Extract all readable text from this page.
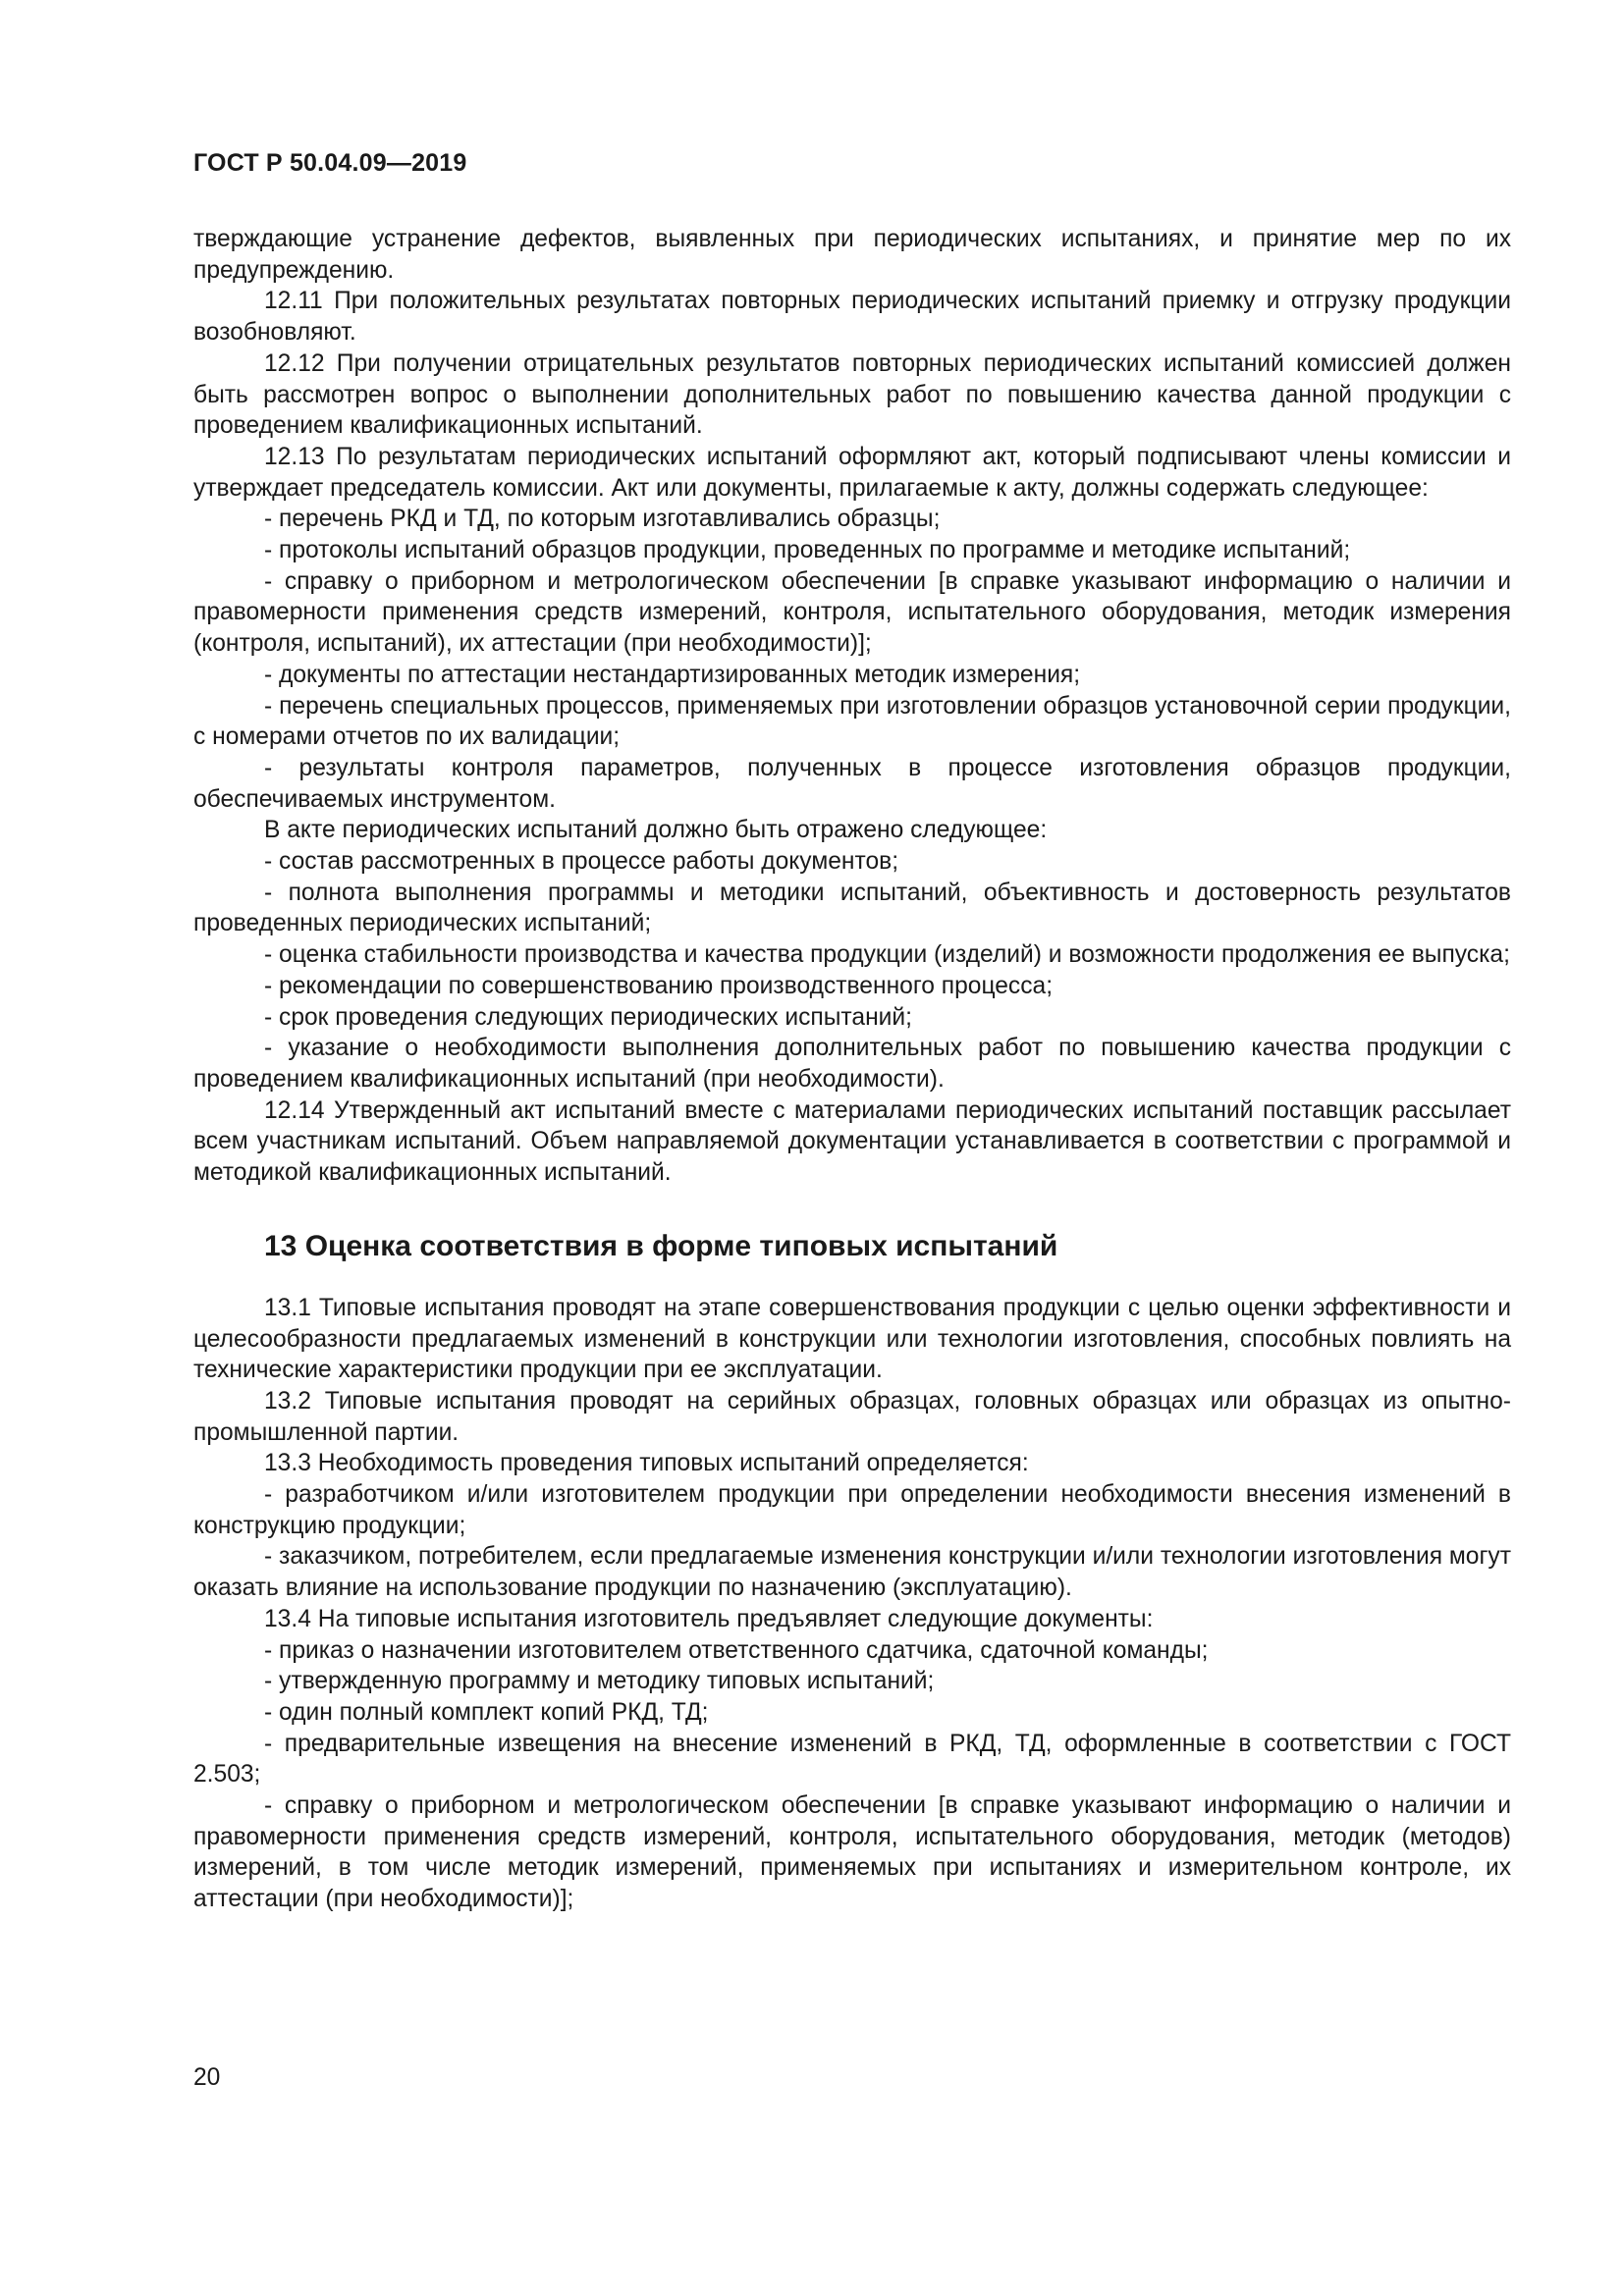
ГОСТ Р 50.04.09—2019

тверждающие устранение дефектов, выявленных при периодических испытаниях, и принятие мер по их предупреждению.

12.11 При положительных результатах повторных периодических испытаний приемку и отгрузку продукции возобновляют.

12.12 При получении отрицательных результатов повторных периодических испытаний комиссией должен быть рассмотрен вопрос о выполнении дополнительных работ по повышению качества данной продукции с проведением квалификационных испытаний.

12.13 По результатам периодических испытаний оформляют акт, который подписывают члены комиссии и утверждает председатель комиссии. Акт или документы, прилагаемые к акту, должны содержать следующее:

- перечень РКД и ТД, по которым изготавливались образцы;

- протоколы испытаний образцов продукции, проведенных по программе и методике испытаний;

- справку о приборном и метрологическом обеспечении [в справке указывают информацию о наличии и правомерности применения средств измерений, контроля, испытательного оборудования, методик измерения (контроля, испытаний), их аттестации (при необходимости)];

- документы по аттестации нестандартизированных методик измерения;

- перечень специальных процессов, применяемых при изготовлении образцов установочной серии продукции, с номерами отчетов по их валидации;

- результаты контроля параметров, полученных в процессе изготовления образцов продукции, обеспечиваемых инструментом.

В акте периодических испытаний должно быть отражено следующее:

- состав рассмотренных в процессе работы документов;

- полнота выполнения программы и методики испытаний, объективность и достоверность результатов проведенных периодических испытаний;

- оценка стабильности производства и качества продукции (изделий) и возможности продолжения ее выпуска;

- рекомендации по совершенствованию производственного процесса;

- срок проведения следующих периодических испытаний;

- указание о необходимости выполнения дополнительных работ по повышению качества продукции с проведением квалификационных испытаний (при необходимости).

12.14 Утвержденный акт испытаний вместе с материалами периодических испытаний поставщик рассылает всем участникам испытаний. Объем направляемой документации устанавливается в соответствии с программой и методикой квалификационных испытаний.

13 Оценка соответствия в форме типовых испытаний

13.1 Типовые испытания проводят на этапе совершенствования продукции с целью оценки эффективности и целесообразности предлагаемых изменений в конструкции или технологии изготовления, способных повлиять на технические характеристики продукции при ее эксплуатации.

13.2 Типовые испытания проводят на серийных образцах, головных образцах или образцах из опытно-промышленной партии.

13.3 Необходимость проведения типовых испытаний определяется:

- разработчиком и/или изготовителем продукции при определении необходимости внесения изменений в конструкцию продукции;

- заказчиком, потребителем, если предлагаемые изменения конструкции и/или технологии изготовления могут оказать влияние на использование продукции по назначению (эксплуатацию).

13.4 На типовые испытания изготовитель предъявляет следующие документы:

- приказ о назначении изготовителем ответственного сдатчика, сдаточной команды;

- утвержденную программу и методику типовых испытаний;

- один полный комплект копий РКД, ТД;

- предварительные извещения на внесение изменений в РКД, ТД, оформленные в соответствии с ГОСТ 2.503;

- справку о приборном и метрологическом обеспечении [в справке указывают информацию о наличии и правомерности применения средств измерений, контроля, испытательного оборудования, методик (методов) измерений, в том числе методик измерений, применяемых при испытаниях и измерительном контроле, их аттестации (при необходимости)];

20
